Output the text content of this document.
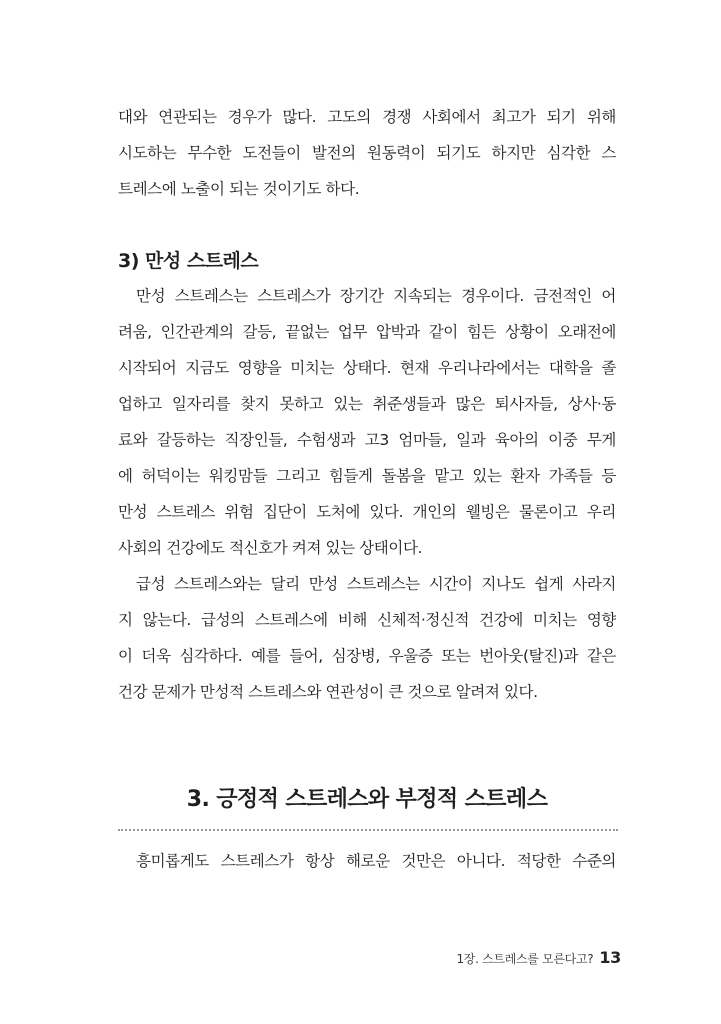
대와 연관되는 경우가 많다. 고도의 경쟁 사회에서 최고가 되기 위해
시도하는 무수한 도전들이 발전의 원동력이 되기도 하지만 심각한 스
트레스에 노출이 되는 것이기도 하다.
3) 만성 스트레스
만성 스트레스는 스트레스가 장기간 지속되는 경우이다. 금전적인 어
려움, 인간관계의 갈등, 끝없는 업무 압박과 같이 힘든 상황이 오래전에
시작되어 지금도 영향을 미치는 상태다. 현재 우리나라에서는 대학을 졸
업하고 일자리를 찾지 못하고 있는 취준생들과 많은 퇴사자들, 상사·동
료와 갈등하는 직장인들, 수험생과 고3 엄마들, 일과 육아의 이중 무게
에 허덕이는 워킹맘들 그리고 힘들게 돌봄을 맡고 있는 환자 가족들 등
만성 스트레스 위험 집단이 도처에 있다. 개인의 웰빙은 물론이고 우리
사회의 건강에도 적신호가 켜져 있는 상태이다.
급성 스트레스와는 달리 만성 스트레스는 시간이 지나도 쉽게 사라지
지 않는다. 급성의 스트레스에 비해 신체적·정신적 건강에 미치는 영향
이 더욱 심각하다. 예를 들어, 심장병, 우울증 또는 번아웃(탈진)과 같은
건강 문제가 만성적 스트레스와 연관성이 큰 것으로 알려져 있다.
3. 긍정적 스트레스와 부정적 스트레스
흥미롭게도 스트레스가 항상 해로운 것만은 아니다. 적당한 수준의
1장. 스트레스를 모른다고? 13
